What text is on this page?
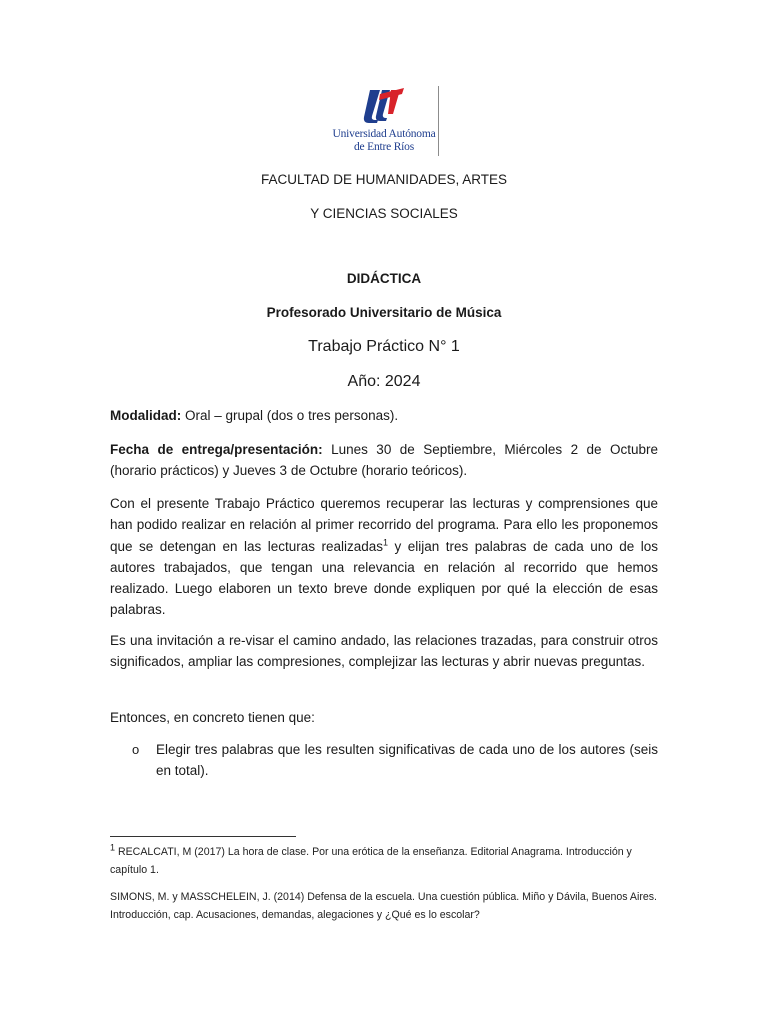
Universidad Autónoma
de Entre Ríos
FACULTAD DE HUMANIDADES, ARTES
Y CIENCIAS SOCIALES
DIDÁCTICA
Profesorado Universitario de Música
Trabajo Práctico N° 1
Año: 2024
Modalidad: Oral – grupal (dos o tres personas).
Fecha de entrega/presentación: Lunes 30 de Septiembre, Miércoles 2 de Octubre (horario prácticos) y Jueves 3 de Octubre (horario teóricos).
Con el presente Trabajo Práctico queremos recuperar las lecturas y comprensiones que han podido realizar en relación al primer recorrido del programa. Para ello les proponemos que se detengan en las lecturas realizadas$^1$ y elijan tres palabras de cada uno de los autores trabajados, que tengan una relevancia en relación al recorrido que hemos realizado. Luego elaboren un texto breve donde expliquen por qué la elección de esas palabras.
Es una invitación a re-visar el camino andado, las relaciones trazadas, para construir otros significados, ampliar las compresiones, complejizar las lecturas y abrir nuevas preguntas.
Entonces, en concreto tienen que:
o Elegir tres palabras que les resulten significativas de cada uno de los autores (seis en total).
$^1$ RECALCATI, M (2017) La hora de clase. Por una erótica de la enseñanza. Editorial Anagrama. Introducción y capítulo 1.
SIMONS, M. y MASSCHELEIN, J. (2014) Defensa de la escuela. Una cuestión pública. Miño y Dávila, Buenos Aires. Introducción, cap. Acusaciones, demandas, alegaciones y ¿Qué es lo escolar?
